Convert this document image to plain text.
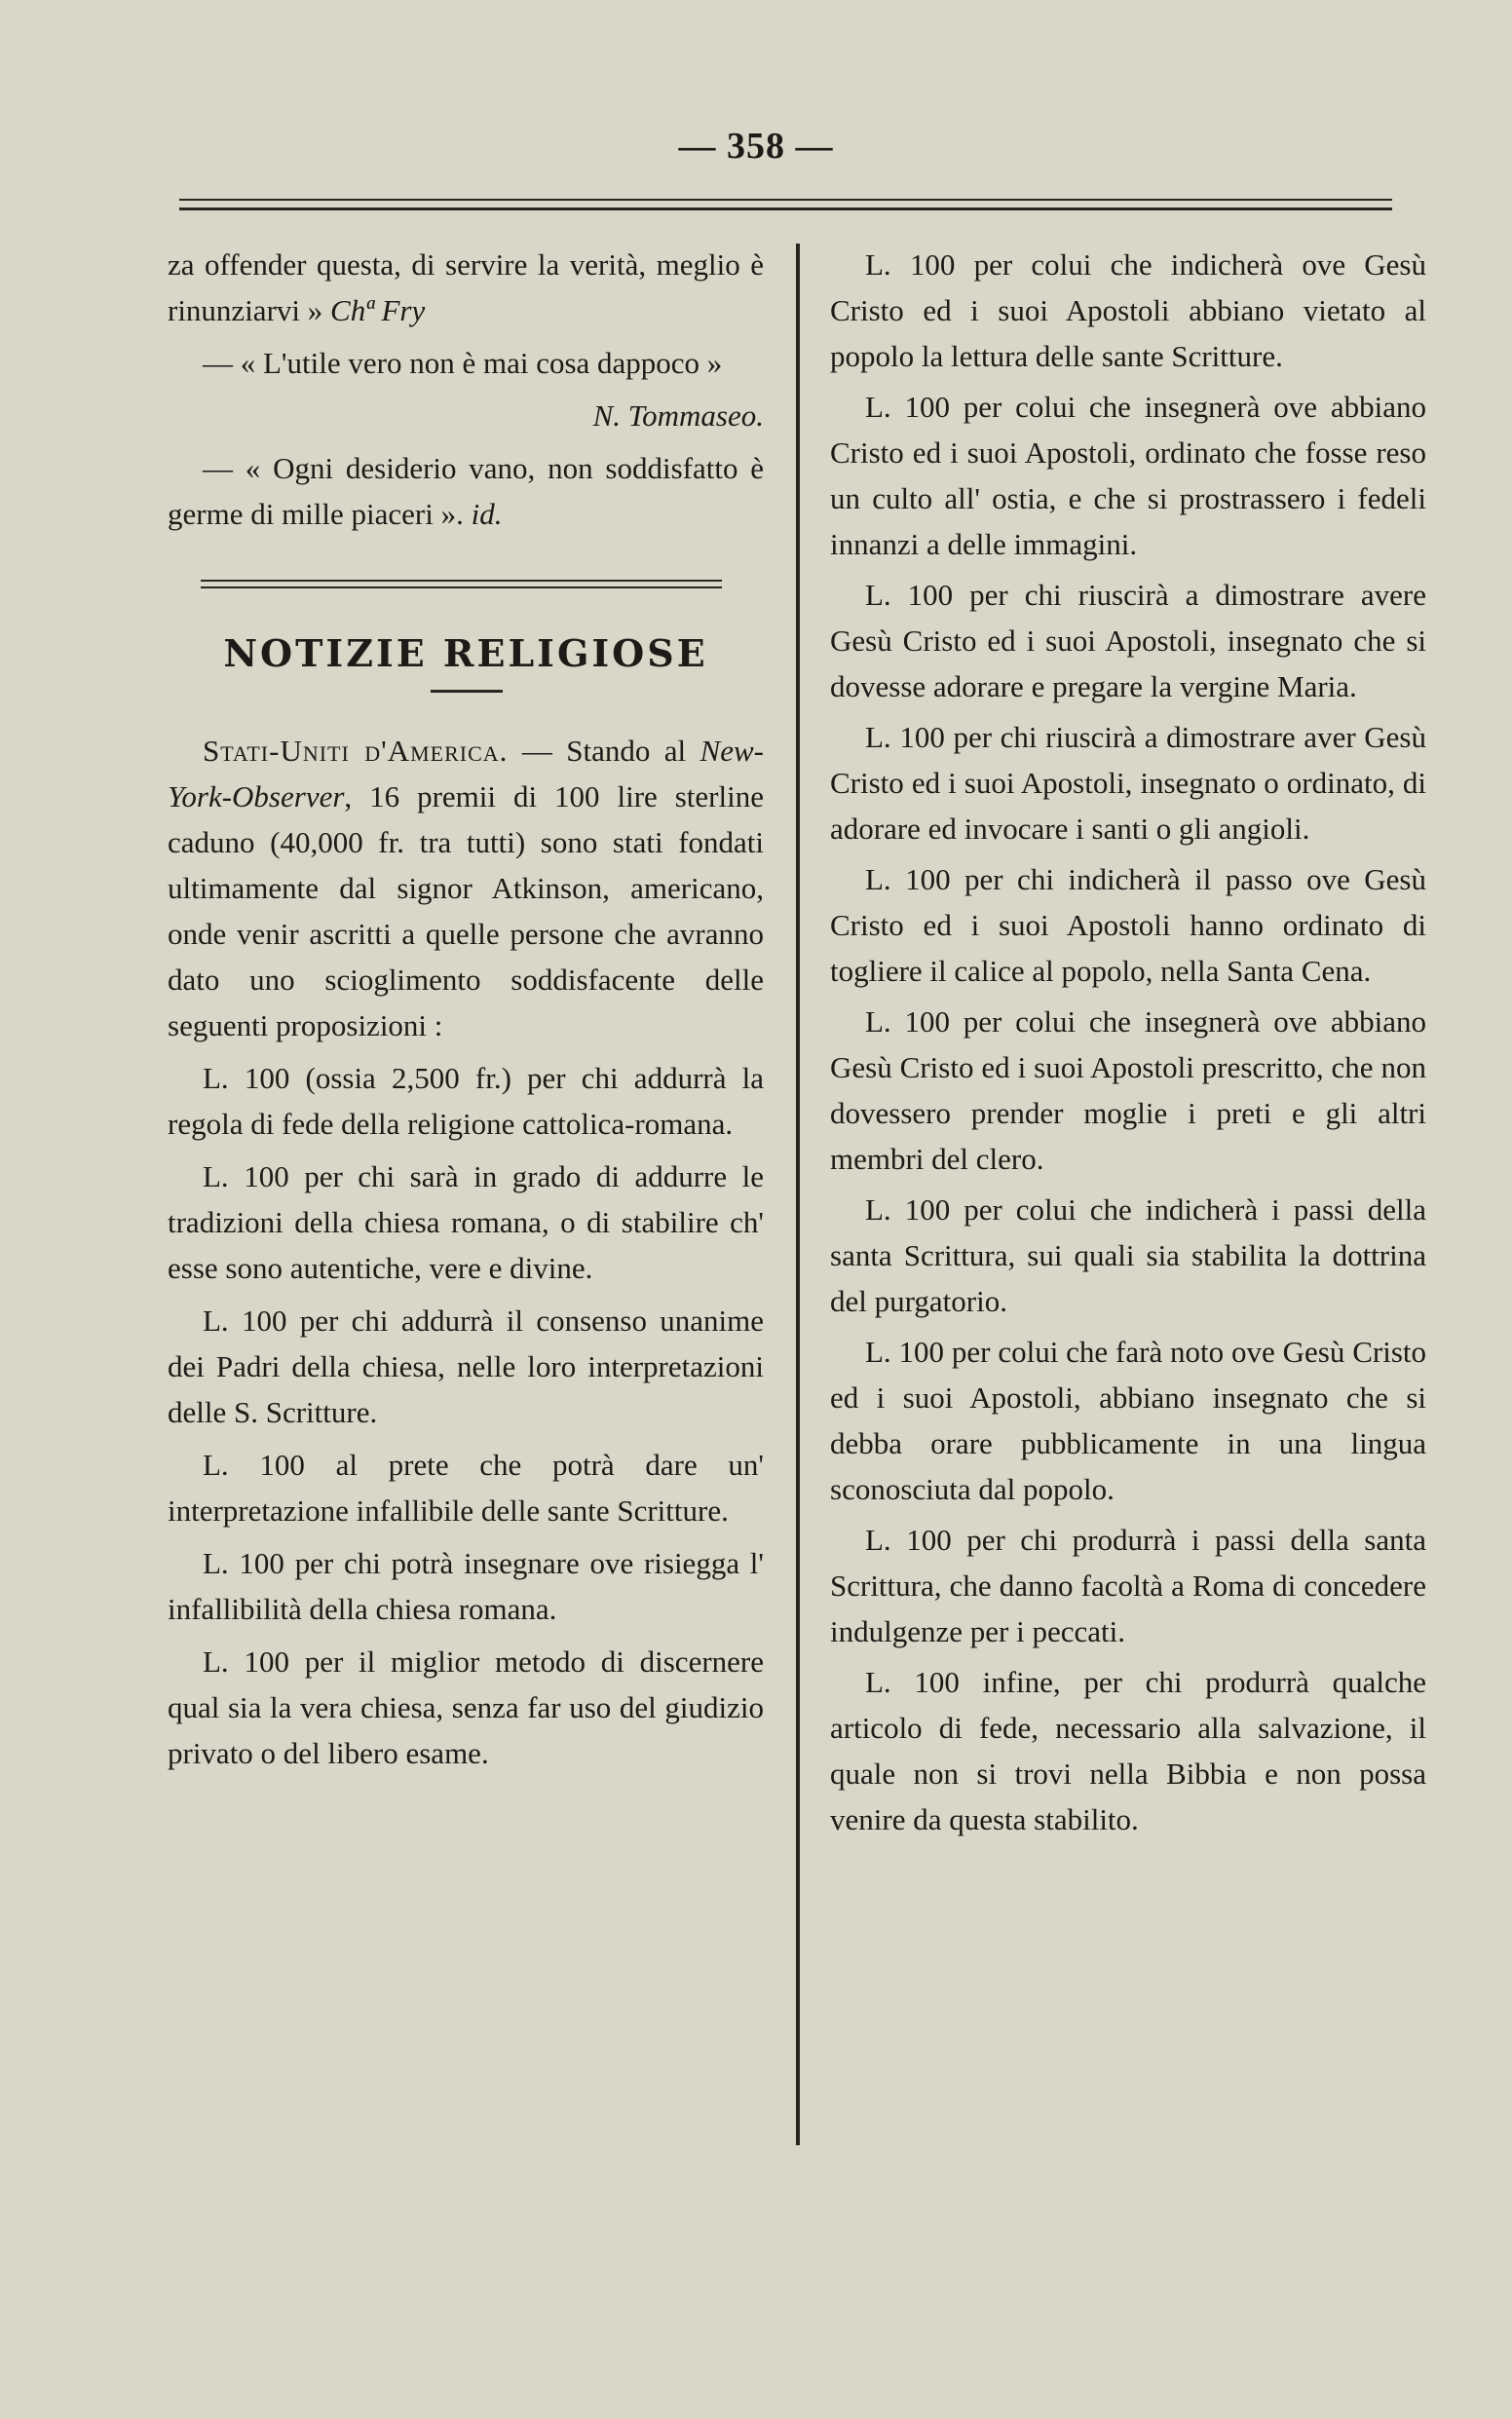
— 358 —

za offender questa, di servire la verità, meglio è rinunziarvi » Chª Fry

— « L'utile vero non è mai cosa dappoco »

N. Tommaseo.

— « Ogni desiderio vano, non soddisfatto è germe di mille piaceri ». id.

NOTIZIE RELIGIOSE

Stati-Uniti d'America. — Stando al New-York-Observer, 16 premii di 100 lire sterline caduno (40,000 fr. tra tutti) sono stati fondati ultimamente dal signor Atkinson, americano, onde venir ascritti a quelle persone che avranno dato uno scioglimento soddisfacente delle seguenti proposizioni :

L. 100 (ossia 2,500 fr.) per chi addurrà la regola di fede della religione cattolica-romana.

L. 100 per chi sarà in grado di addurre le tradizioni della chiesa romana, o di stabilire ch' esse sono autentiche, vere e divine.

L. 100 per chi addurrà il consenso unanime dei Padri della chiesa, nelle loro interpretazioni delle S. Scritture.

L. 100 al prete che potrà dare un' interpretazione infallibile delle sante Scritture.

L. 100 per chi potrà insegnare ove risiegga l' infallibilità della chiesa romana.

L. 100 per il miglior metodo di discernere qual sia la vera chiesa, senza far uso del giudizio privato o del libero esame.

L. 100 per colui che indicherà ove Gesù Cristo ed i suoi Apostoli abbiano vietato al popolo la lettura delle sante Scritture.

L. 100 per colui che insegnerà ove abbiano Cristo ed i suoi Apostoli, ordinato che fosse reso un culto all' ostia, e che si prostrassero i fedeli innanzi a delle immagini.

L. 100 per chi riuscirà a dimostrare avere Gesù Cristo ed i suoi Apostoli, insegnato che si dovesse adorare e pregare la vergine Maria.

L. 100 per chi riuscirà a dimostrare aver Gesù Cristo ed i suoi Apostoli, insegnato o ordinato, di adorare ed invocare i santi o gli angioli.

L. 100 per chi indicherà il passo ove Gesù Cristo ed i suoi Apostoli hanno ordinato di togliere il calice al popolo, nella Santa Cena.

L. 100 per colui che insegnerà ove abbiano Gesù Cristo ed i suoi Apostoli prescritto, che non dovessero prender moglie i preti e gli altri membri del clero.

L. 100 per colui che indicherà i passi della santa Scrittura, sui quali sia stabilita la dottrina del purgatorio.

L. 100 per colui che farà noto ove Gesù Cristo ed i suoi Apostoli, abbiano insegnato che si debba orare pubblicamente in una lingua sconosciuta dal popolo.

L. 100 per chi produrrà i passi della santa Scrittura, che danno facoltà a Roma di concedere indulgenze per i peccati.

L. 100 infine, per chi produrrà qualche articolo di fede, necessario alla salvazione, il quale non si trovi nella Bibbia e non possa venire da questa stabilito.
